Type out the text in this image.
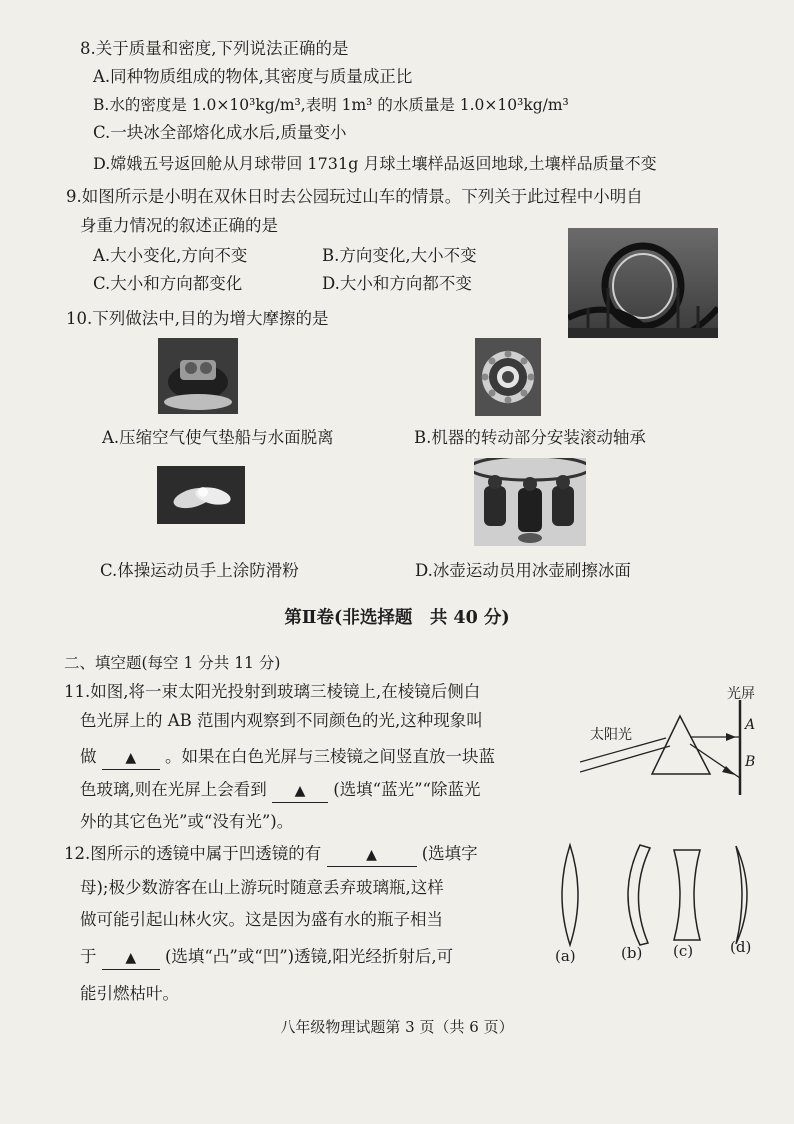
8.关于质量和密度,下列说法正确的是
A.同种物质组成的物体,其密度与质量成正比
B.水的密度是 1.0×10³kg/m³,表明 1m³ 的水质量是 1.0×10³kg/m³
C.一块冰全部熔化成水后,质量变小
D.嫦娥五号返回舱从月球带回 1731g 月球土壤样品返回地球,土壤样品质量不变
9.如图所示是小明在双休日时去公园玩过山车的情景。下列关于此过程中小明自
身重力情况的叙述正确的是
A.大小变化,方向不变	B.方向变化,大小不变
C.大小和方向都变化	D.大小和方向都不变
10.下列做法中,目的为增大摩擦的是
A.压缩空气使气垫船与水面脱离	B.机器的转动部分安装滚动轴承
C.体操运动员手上涂防滑粉	D.冰壶运动员用冰壶刷擦冰面
第Ⅱ卷(非选择题　共 40 分)
二、填空题(每空 1 分共 11 分)
11.如图,将一束太阳光投射到玻璃三棱镜上,在棱镜后侧白
色光屏上的 AB 范围内观察到不同颜色的光,这种现象叫
做 ▲ 。如果在白色光屏与三棱镜之间竖直放一块蓝
色玻璃,则在光屏上会看到 ▲ (选填“蓝光”“除蓝光
外的其它色光”或“没有光”)。
光屏
太阳光
A
B
12.图所示的透镜中属于凹透镜的有	▲	(选填字
母);极少数游客在山上游玩时随意丢弃玻璃瓶,这样
做可能引起山林火灾。这是因为盛有水的瓶子相当
于 ▲ (选填“凸”或“凹”)透镜,阳光经折射后,可
能引燃枯叶。
(a)	(b) (c) (d)
八年级物理试题第 3 页（共 6 页）
